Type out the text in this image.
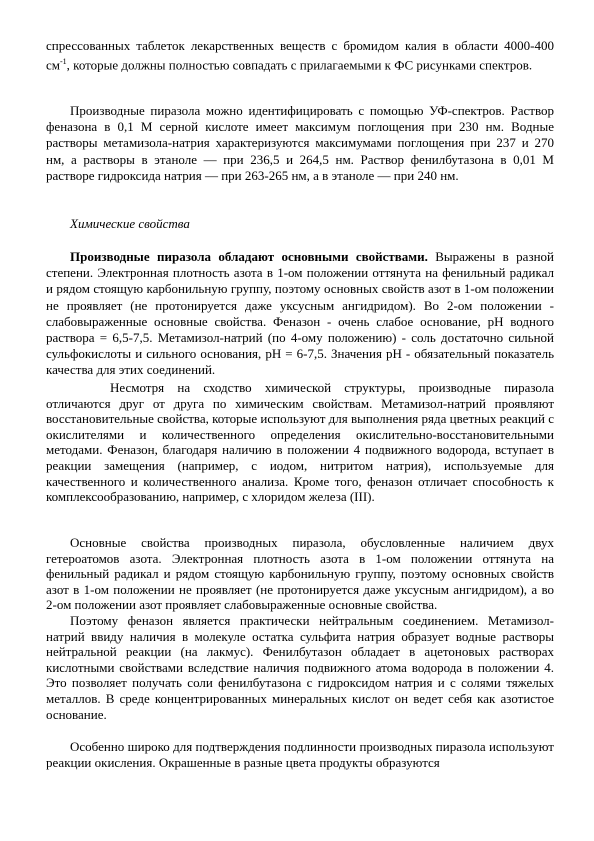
спрессованных таблеток лекарственных веществ с бромидом калия в области 4000-400 $см^{-1}$, которые должны полностью совпадать с прилагаемыми к ФС рисунками спектров.

Производные пиразола можно идентифицировать с помощью УФ-спектров. Раствор феназона в 0,1 М серной кислоте имеет максимум поглощения при 230 нм. Водные растворы метамизола-натрия характеризуются максимумами поглощения при 237 и 270 нм, а растворы в этаноле — при 236,5 и 264,5 нм. Раствор фенилбутазона в 0,01 М растворе гидроксида натрия — при 263-265 нм, а в этаноле — при 240 нм.

Химические свойства

Производные пиразола обладают основными свойствами. Выражены в разной степени. Электронная плотность азота в 1-ом положении оттянута на фенильный радикал и рядом стоящую карбонильную группу, поэтому основных свойств азот в 1-ом положении не проявляет (не протонируется даже уксусным ангидридом). Во 2-ом положении - слабовыраженные основные свойства. Феназон - очень слабое основание, pH водного раствора = 6,5-7,5. Метамизол-натрий (по 4-ому положению) - соль достаточно сильной сульфокислоты и сильного основания, pH = 6-7,5. Значения pH - обязательный показатель качества для этих соединений.

Несмотря на сходство химической структуры, производные пиразола отличаются друг от друга по химическим свойствам. Метамизол-натрий проявляют восстановительные свойства, которые используют для выполнения ряда цветных реакций с окислителями и количественного определения окислительно-восстановительными методами. Феназон, благодаря наличию в положении 4 подвижного водорода, вступает в реакции замещения (например, с иодом, нитритом натрия), используемые для качественного и количественного анализа. Кроме того, феназон отличает способность к комплексообразованию, например, с хлоридом железа (III).

Основные свойства производных пиразола, обусловленные наличием двух гетероатомов азота. Электронная плотность азота в 1-ом положении оттянута на фенильный радикал и рядом стоящую карбонильную группу, поэтому основных свойств азот в 1-ом положении не проявляет (не протонируется даже уксусным ангидридом), а во 2-ом положении азот проявляет слабовыраженные основные свойства.

Поэтому феназон является практически нейтральным соединением. Метамизол-натрий ввиду наличия в молекуле остатка сульфита натрия образует водные растворы нейтральной реакции (на лакмус). Фенилбутазон обладает в ацетоновых растворах кислотными свойствами вследствие наличия подвижного атома водорода в положении 4. Это позволяет получать соли фенилбутазона с гидроксидом натрия и с солями тяжелых металлов. В среде концентрированных минеральных кислот он ведет себя как азотистое основание.

Особенно широко для подтверждения подлинности производных пиразола используют реакции окисления. Окрашенные в разные цвета продукты образуются
